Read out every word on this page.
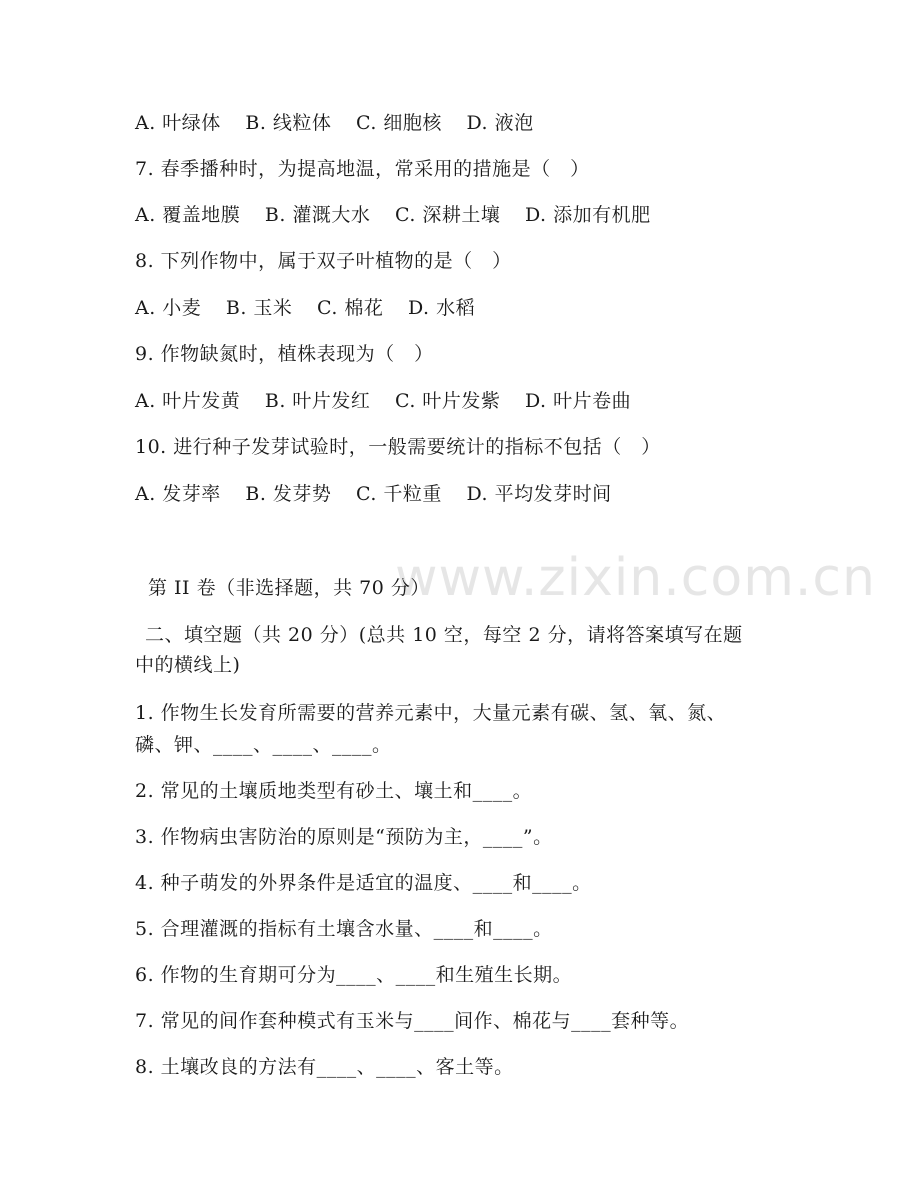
www.zixin.com.cn
A. 叶绿体 B. 线粒体 C. 细胞核 D. 液泡
7. 春季播种时，为提高地温，常采用的措施是（　）
A. 覆盖地膜 B. 灌溉大水 C. 深耕土壤 D. 添加有机肥
8. 下列作物中，属于双子叶植物的是（　）
A. 小麦 B. 玉米 C. 棉花 D. 水稻
9. 作物缺氮时，植株表现为（　）
A. 叶片发黄 B. 叶片发红 C. 叶片发紫 D. 叶片卷曲
10. 进行种子发芽试验时，一般需要统计的指标不包括（　）
A. 发芽率 B. 发芽势 C. 千粒重 D. 平均发芽时间
第 II 卷（非选择题，共 70 分）
二、填空题（共 20 分）(总共 10 空，每空 2 分，请将答案填写在题
中的横线上)
1. 作物生长发育所需要的营养元素中，大量元素有碳、氢、氧、氮、
磷、钾、____、____、____。
2. 常见的土壤质地类型有砂土、壤土和____。
3. 作物病虫害防治的原则是“预防为主，____”。
4. 种子萌发的外界条件是适宜的温度、____和____。
5. 合理灌溉的指标有土壤含水量、____和____。
6. 作物的生育期可分为____、____和生殖生长期。
7. 常见的间作套种模式有玉米与____间作、棉花与____套种等。
8. 土壤改良的方法有____、____、客土等。
